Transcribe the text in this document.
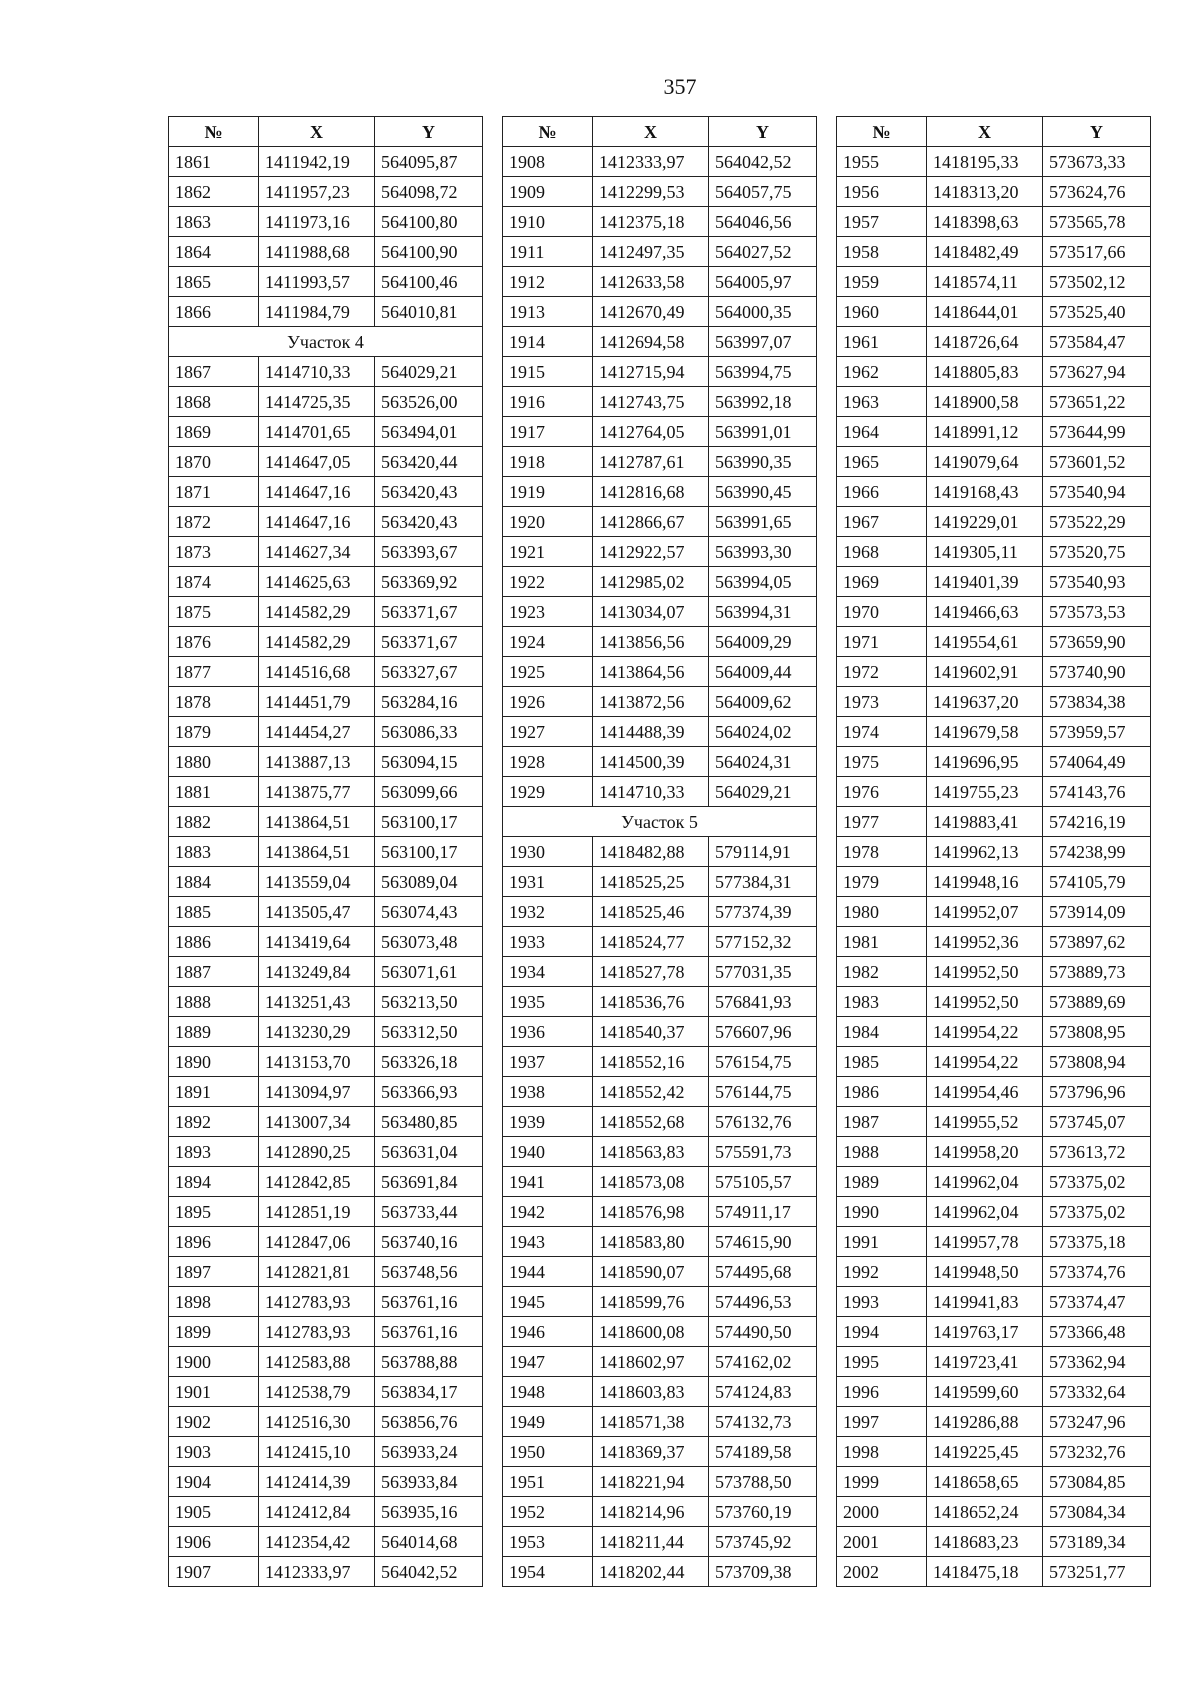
357
№	X	Y
1861	1411942,19	564095,87
1862	1411957,23	564098,72
1863	1411973,16	564100,80
1864	1411988,68	564100,90
1865	1411993,57	564100,46
1866	1411984,79	564010,81
Участок 4		
1867	1414710,33	564029,21
1868	1414725,35	563526,00
1869	1414701,65	563494,01
1870	1414647,05	563420,44
1871	1414647,16	563420,43
1872	1414647,16	563420,43
1873	1414627,34	563393,67
1874	1414625,63	563369,92
1875	1414582,29	563371,67
1876	1414582,29	563371,67
1877	1414516,68	563327,67
1878	1414451,79	563284,16
1879	1414454,27	563086,33
1880	1413887,13	563094,15
1881	1413875,77	563099,66
1882	1413864,51	563100,17
1883	1413864,51	563100,17
1884	1413559,04	563089,04
1885	1413505,47	563074,43
1886	1413419,64	563073,48
1887	1413249,84	563071,61
1888	1413251,43	563213,50
1889	1413230,29	563312,50
1890	1413153,70	563326,18
1891	1413094,97	563366,93
1892	1413007,34	563480,85
1893	1412890,25	563631,04
1894	1412842,85	563691,84
1895	1412851,19	563733,44
1896	1412847,06	563740,16
1897	1412821,81	563748,56
1898	1412783,93	563761,16
1899	1412783,93	563761,16
1900	1412583,88	563788,88
1901	1412538,79	563834,17
1902	1412516,30	563856,76
1903	1412415,10	563933,24
1904	1412414,39	563933,84
1905	1412412,84	563935,16
1906	1412354,42	564014,68
1907	1412333,97	564042,52
№	X	Y
1908	1412333,97	564042,52
1909	1412299,53	564057,75
1910	1412375,18	564046,56
1911	1412497,35	564027,52
1912	1412633,58	564005,97
1913	1412670,49	564000,35
1914	1412694,58	563997,07
1915	1412715,94	563994,75
1916	1412743,75	563992,18
1917	1412764,05	563991,01
1918	1412787,61	563990,35
1919	1412816,68	563990,45
1920	1412866,67	563991,65
1921	1412922,57	563993,30
1922	1412985,02	563994,05
1923	1413034,07	563994,31
1924	1413856,56	564009,29
1925	1413864,56	564009,44
1926	1413872,56	564009,62
1927	1414488,39	564024,02
1928	1414500,39	564024,31
1929	1414710,33	564029,21
Участок 5		
1930	1418482,88	579114,91
1931	1418525,25	577384,31
1932	1418525,46	577374,39
1933	1418524,77	577152,32
1934	1418527,78	577031,35
1935	1418536,76	576841,93
1936	1418540,37	576607,96
1937	1418552,16	576154,75
1938	1418552,42	576144,75
1939	1418552,68	576132,76
1940	1418563,83	575591,73
1941	1418573,08	575105,57
1942	1418576,98	574911,17
1943	1418583,80	574615,90
1944	1418590,07	574495,68
1945	1418599,76	574496,53
1946	1418600,08	574490,50
1947	1418602,97	574162,02
1948	1418603,83	574124,83
1949	1418571,38	574132,73
1950	1418369,37	574189,58
1951	1418221,94	573788,50
1952	1418214,96	573760,19
1953	1418211,44	573745,92
1954	1418202,44	573709,38
№	X	Y
1955	1418195,33	573673,33
1956	1418313,20	573624,76
1957	1418398,63	573565,78
1958	1418482,49	573517,66
1959	1418574,11	573502,12
1960	1418644,01	573525,40
1961	1418726,64	573584,47
1962	1418805,83	573627,94
1963	1418900,58	573651,22
1964	1418991,12	573644,99
1965	1419079,64	573601,52
1966	1419168,43	573540,94
1967	1419229,01	573522,29
1968	1419305,11	573520,75
1969	1419401,39	573540,93
1970	1419466,63	573573,53
1971	1419554,61	573659,90
1972	1419602,91	573740,90
1973	1419637,20	573834,38
1974	1419679,58	573959,57
1975	1419696,95	574064,49
1976	1419755,23	574143,76
1977	1419883,41	574216,19
1978	1419962,13	574238,99
1979	1419948,16	574105,79
1980	1419952,07	573914,09
1981	1419952,36	573897,62
1982	1419952,50	573889,73
1983	1419952,50	573889,69
1984	1419954,22	573808,95
1985	1419954,22	573808,94
1986	1419954,46	573796,96
1987	1419955,52	573745,07
1988	1419958,20	573613,72
1989	1419962,04	573375,02
1990	1419962,04	573375,02
1991	1419957,78	573375,18
1992	1419948,50	573374,76
1993	1419941,83	573374,47
1994	1419763,17	573366,48
1995	1419723,41	573362,94
1996	1419599,60	573332,64
1997	1419286,88	573247,96
1998	1419225,45	573232,76
1999	1418658,65	573084,85
2000	1418652,24	573084,34
2001	1418683,23	573189,34
2002	1418475,18	573251,77
